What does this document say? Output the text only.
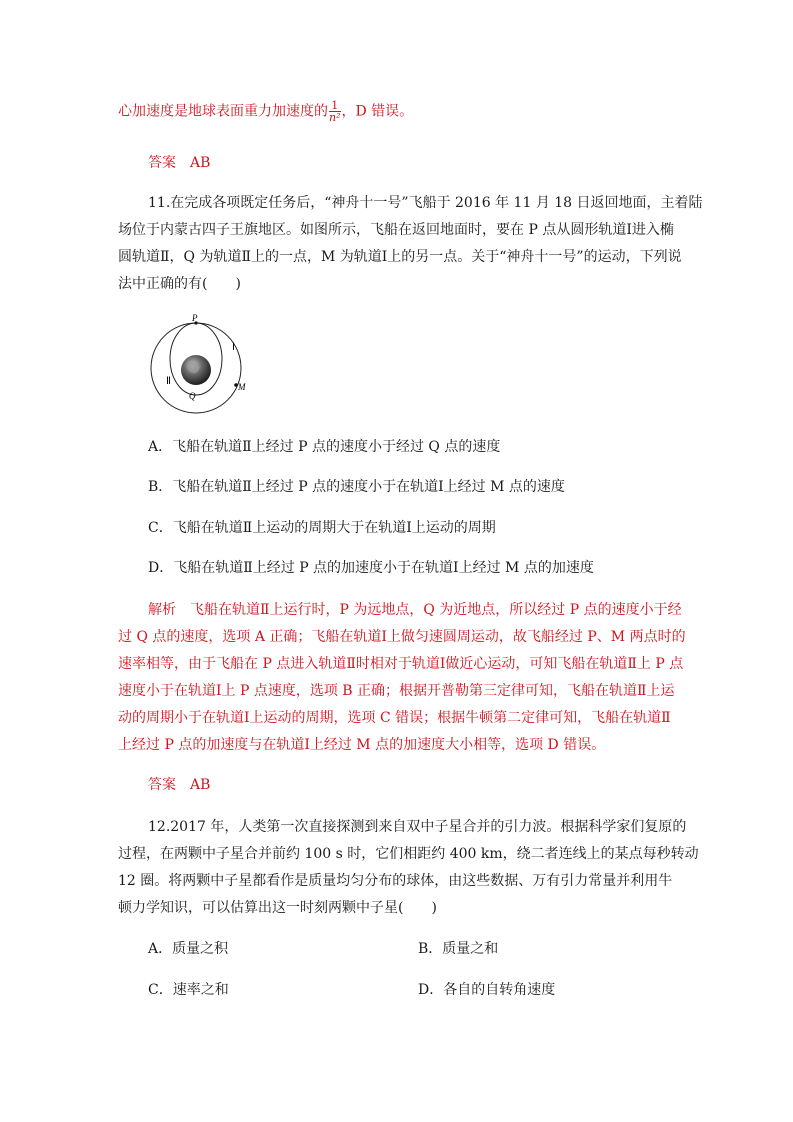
心加速度是地球表面重力加速度的 $\frac{1}{\text{n²}}$ ，D 错误。
答案　AB
11.在完成各项既定任务后，“神舟十一号”飞船于 2016 年 11 月 18 日返回地面，主着陆
场位于内蒙古四子王旗地区。如图所示，飞船在返回地面时，要在 P 点从圆形轨道Ⅰ进入椭
圆轨道Ⅱ，Q 为轨道Ⅱ上的一点，M 为轨道Ⅰ上的另一点。关于“神舟十一号”的运动，下列说
法中正确的有(　　)
P
Ⅰ
Ⅱ
Q
M
A．飞船在轨道Ⅱ上经过 P 点的速度小于经过 Q 点的速度
B．飞船在轨道Ⅱ上经过 P 点的速度小于在轨道Ⅰ上经过 M 点的速度
C．飞船在轨道Ⅱ上运动的周期大于在轨道Ⅰ上运动的周期
D．飞船在轨道Ⅱ上经过 P 点的加速度小于在轨道Ⅰ上经过 M 点的加速度
解析　飞船在轨道Ⅱ上运行时，P 为远地点，Q 为近地点，所以经过 P 点的速度小于经
过 Q 点的速度，选项 A 正确；飞船在轨道Ⅰ上做匀速圆周运动，故飞船经过 P、M 两点时的
速率相等，由于飞船在 P 点进入轨道Ⅱ时相对于轨道Ⅰ做近心运动，可知飞船在轨道Ⅱ上 P 点
速度小于在轨道Ⅰ上 P 点速度，选项 B 正确；根据开普勒第三定律可知，飞船在轨道Ⅱ上运
动的周期小于在轨道Ⅰ上运动的周期，选项 C 错误；根据牛顿第二定律可知，飞船在轨道Ⅱ
上经过 P 点的加速度与在轨道Ⅰ上经过 M 点的加速度大小相等，选项 D 错误。
答案　AB
12.2017 年，人类第一次直接探测到来自双中子星合并的引力波。根据科学家们复原的
过程，在两颗中子星合并前约 100 s 时，它们相距约 400 km，绕二者连线上的某点每秒转动
12 圈。将两颗中子星都看作是质量均匀分布的球体，由这些数据、万有引力常量并利用牛
顿力学知识，可以估算出这一时刻两颗中子星(　　)
A．质量之积	B．质量之和
C．速率之和	D．各自的自转角速度
